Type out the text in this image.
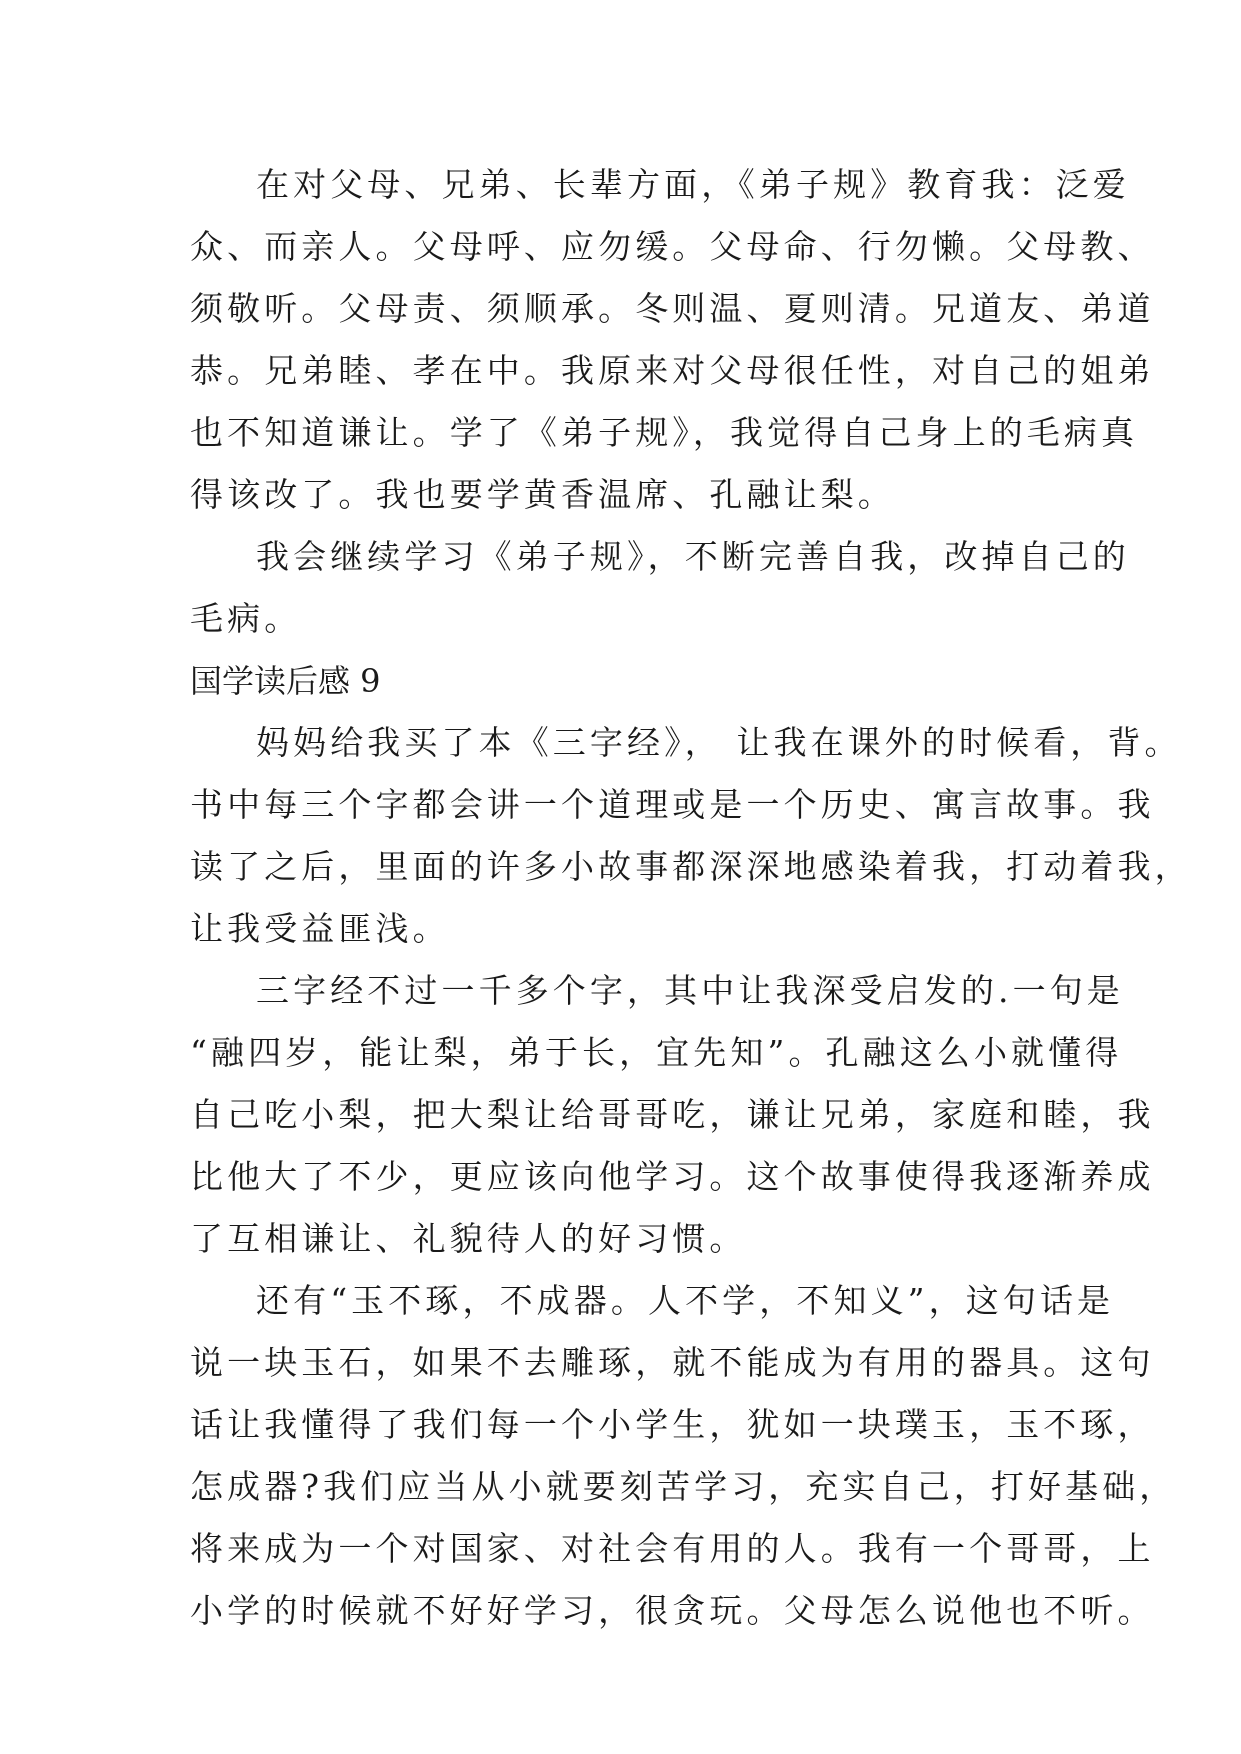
在对父母、兄弟、长辈方面，《弟子规》教育我：泛爱
众、而亲人。父母呼、应勿缓。父母命、行勿懒。父母教、
须敬听。父母责、须顺承。冬则温、夏则清。兄道友、弟道
恭。兄弟睦、孝在中。我原来对父母很任性，对自己的姐弟
也不知道谦让。学了《弟子规》，我觉得自己身上的毛病真
得该改了。我也要学黄香温席、孔融让梨。
我会继续学习《弟子规》，不断完善自我，改掉自己的
毛病。
国学读后感 9
妈妈给我买了本《三字经》， 让我在课外的时候看，背。
书中每三个字都会讲一个道理或是一个历史、寓言故事。我
读了之后，里面的许多小故事都深深地感染着我，打动着我，
让我受益匪浅。
三字经不过一千多个字，其中让我深受启发的.一句是
“融四岁，能让梨，弟于长，宜先知”。孔融这么小就懂得
自己吃小梨，把大梨让给哥哥吃，谦让兄弟，家庭和睦，我
比他大了不少，更应该向他学习。这个故事使得我逐渐养成
了互相谦让、礼貌待人的好习惯。
还有“玉不琢，不成器。人不学，不知义”，这句话是
说一块玉石，如果不去雕琢，就不能成为有用的器具。这句
话让我懂得了我们每一个小学生，犹如一块璞玉，玉不琢，
怎成器?我们应当从小就要刻苦学习，充实自己，打好基础，
将来成为一个对国家、对社会有用的人。我有一个哥哥，上
小学的时候就不好好学习，很贪玩。父母怎么说他也不听。
